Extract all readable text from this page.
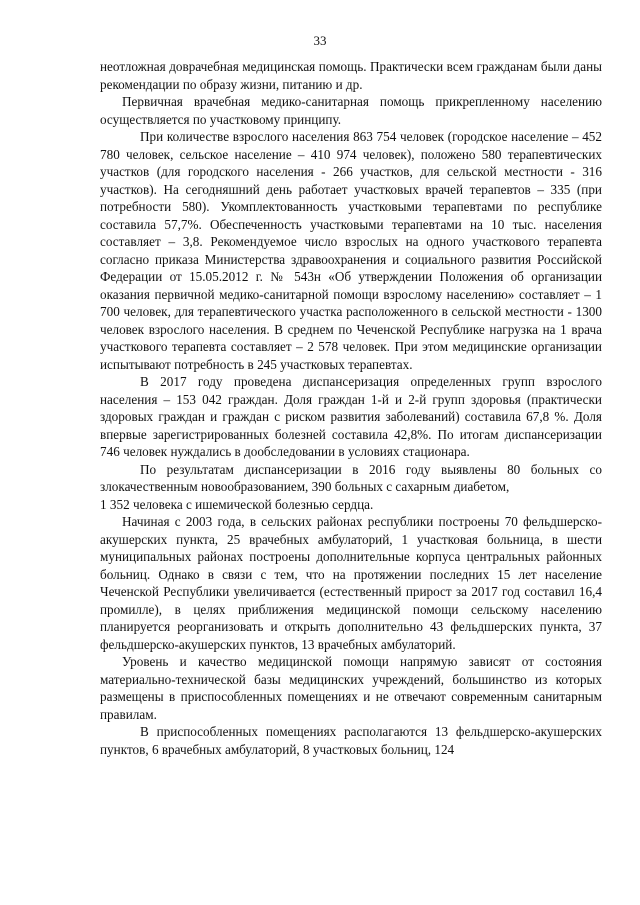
33

неотложная доврачебная медицинская помощь. Практически всем гражданам были даны рекомендации по образу жизни, питанию и др.

Первичная врачебная медико-санитарная помощь прикрепленному населению осуществляется по участковому принципу.

При количестве взрослого населения 863 754 человек (городское население – 452 780 человек, сельское население – 410 974 человек), положено 580 терапевтических участков (для городского населения - 266 участков, для сельской местности - 316 участков). На сегодняшний день работает участковых врачей терапевтов – 335 (при потребности 580). Укомплектованность участковыми терапевтами по республике составила 57,7%. Обеспеченность участковыми терапевтами на 10 тыс. населения составляет – 3,8. Рекомендуемое число взрослых на одного участкового терапевта согласно приказа Министерства здравоохранения и социального развития Российской Федерации от 15.05.2012 г. № 543н «Об утверждении Положения об организации оказания первичной медико-санитарной помощи взрослому населению» составляет – 1 700 человек, для терапевтического участка расположенного в сельской местности - 1300 человек взрослого населения. В среднем по Чеченской Республике нагрузка на 1 врача участкового терапевта составляет – 2 578 человек. При этом медицинские организации испытывают потребность в 245 участковых терапевтах.

В 2017 году проведена диспансеризация определенных групп взрослого населения – 153 042 граждан. Доля граждан 1-й и 2-й групп здоровья (практически здоровых граждан и граждан с риском развития заболеваний) составила 67,8 %. Доля впервые зарегистрированных болезней составила 42,8%. По итогам диспансеризации 746 человек нуждались в дообследовании в условиях стационара.

По результатам диспансеризации в 2016 году выявлены 80 больных со злокачественным новообразованием, 390 больных с сахарным диабетом,

1 352 человека с ишемической болезнью сердца.

Начиная с 2003 года, в сельских районах республики построены 70 фельдшерско-акушерских пункта, 25 врачебных амбулаторий, 1 участковая больница, в шести муниципальных районах построены дополнительные корпуса центральных районных больниц. Однако в связи с тем, что на протяжении последних 15 лет население Чеченской Республики увеличивается (естественный прирост за 2017 год составил 16,4 промилле), в целях приближения медицинской помощи сельскому населению планируется реорганизовать и открыть дополнительно 43 фельдшерских пункта, 37 фельдшерско-акушерских пунктов, 13 врачебных амбулаторий.

Уровень и качество медицинской помощи напрямую зависят от состояния материально-технической базы медицинских учреждений, большинство из которых размещены в приспособленных помещениях и не отвечают современным санитарным правилам.

В приспособленных помещениях располагаются 13 фельдшерско-акушерских пунктов, 6 врачебных амбулаторий, 8 участковых больниц, 124
